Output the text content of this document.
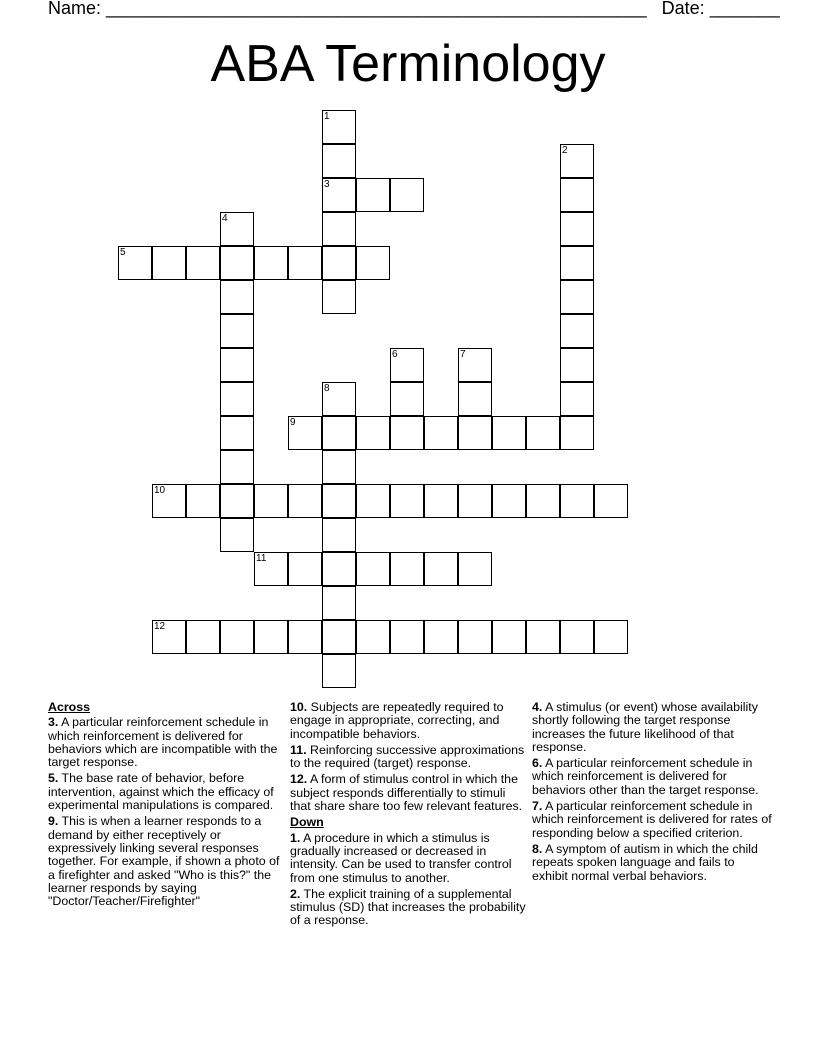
Name: ______________________________________________________ Date: _______
ABA Terminology
1
2
3
4
5
6	7
8
9
10
11
12
Across
3. A particular reinforcement schedule in which reinforcement is delivered for behaviors which are incompatible with the target response.
5. The base rate of behavior, before intervention, against which the efficacy of experimental manipulations is compared.
9. This is when a learner responds to a demand by either receptively or expressively linking several responses together. For example, if shown a photo of a firefighter and asked "Who is this?" the learner responds by saying "Doctor/Teacher/Firefighter"
10. Subjects are repeatedly required to engage in appropriate, correcting, and incompatible behaviors.
11. Reinforcing successive approximations to the required (target) response.
12. A form of stimulus control in which the subject responds differentially to stimuli that share share too few relevant features.
Down
1. A procedure in which a stimulus is gradually increased or decreased in intensity. Can be used to transfer control from one stimulus to another.
2. The explicit training of a supplemental stimulus (SD) that increases the probability of a response.
4. A stimulus (or event) whose availability shortly following the target response increases the future likelihood of that response.
6. A particular reinforcement schedule in which reinforcement is delivered for behaviors other than the target response.
7. A particular reinforcement schedule in which reinforcement is delivered for rates of responding below a specified criterion.
8. A symptom of autism in which the child repeats spoken language and fails to exhibit normal verbal behaviors.
